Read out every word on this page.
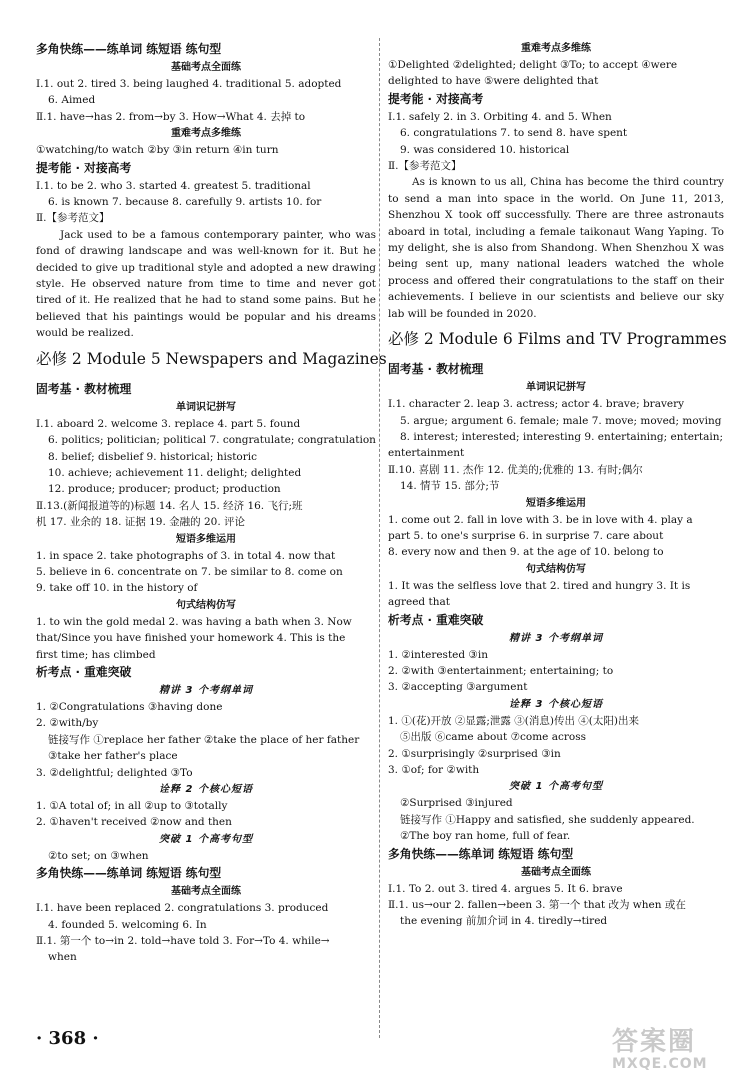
多角快练——练单词 练短语 练句型
基础考点全面练

Ⅰ.1. out 2. tired 3. being laughed 4. traditional 5. adopted

6. Aimed

Ⅱ.1. have→has 2. from→by 3. How→What 4. 去掉 to

重难考点多维练

①watching/to watch ②by ③in return ④in turn

提考能 · 对接高考

Ⅰ.1. to be 2. who 3. started 4. greatest 5. traditional

6. is known 7. because 8. carefully 9. artists 10. for

Ⅱ.【参考范文】

Jack used to be a famous contemporary painter, who was fond of drawing landscape and was well-known for it. But he decided to give up traditional style and adopted a new drawing style. He observed nature from time to time and never got tired of it. He realized that he had to stand some pains. But he believed that his paintings would be popular and his dreams would be realized.

必修 2 Module 5 Newspapers and Magazines
固考基 · 教材梳理
单词识记拼写

Ⅰ.1. aboard 2. welcome 3. replace 4. part 5. found

6. politics; politician; political 7. congratulate; congratulation

8. belief; disbelief 9. historical; historic

10. achieve; achievement 11. delight; delighted

12. produce; producer; product; production

Ⅱ.13.(新闻报道等的)标题 14. 名人 15. 经济 16. 飞行;班

机 17. 业余的 18. 证据 19. 金融的 20. 评论

短语多维运用

1. in space 2. take photographs of 3. in total 4. now that

5. believe in 6. concentrate on 7. be similar to 8. come on

9. take off 10. in the history of

句式结构仿写

1. to win the gold medal 2. was having a bath when 3. Now

that/Since you have finished your homework 4. This is the

first time; has climbed

析考点 · 重难突破
精讲 3 个考纲单词

1. ②Congratulations ③having done

2. ②with/by

链接写作 ①replace her father ②take the place of her father

③take her father's place

3. ②delightful; delighted ③To

诠释 2 个核心短语

1. ①A total of; in all ②up to ③totally

2. ①haven't received ②now and then

突破 1 个高考句型

②to set; on ③when

多角快练——练单词 练短语 练句型
基础考点全面练

Ⅰ.1. have been replaced 2. congratulations 3. produced

4. founded 5. welcoming 6. In

Ⅱ.1. 第一个 to→in 2. told→have told 3. For→To 4. while→

when

重难考点多维练

①Delighted ②delighted; delight ③To; to accept ④were

delighted to have ⑤were delighted that

提考能 · 对接高考

Ⅰ.1. safely 2. in 3. Orbiting 4. and 5. When

6. congratulations 7. to send 8. have spent

9. was considered 10. historical

Ⅱ.【参考范文】

As is known to us all, China has become the third country to send a man into space in the world. On June 11, 2013, Shenzhou Ⅹ took off successfully. There are three astronauts aboard in total, including a female taikonaut Wang Yaping. To my delight, she is also from Shandong. When Shenzhou Ⅹ was being sent up, many national leaders watched the whole process and offered their congratulations to the staff on their achievements. I believe in our scientists and believe our sky lab will be founded in 2020.

必修 2 Module 6 Films and TV Programmes
固考基 · 教材梳理
单词识记拼写

Ⅰ.1. character 2. leap 3. actress; actor 4. brave; bravery

5. argue; argument 6. female; male 7. move; moved; moving

8. interest; interested; interesting 9. entertaining; entertain;

entertainment

Ⅱ.10. 喜剧 11. 杰作 12. 优美的;优雅的 13. 有时;偶尔

14. 情节 15. 部分;节

短语多维运用

1. come out 2. fall in love with 3. be in love with 4. play a

part 5. to one's surprise 6. in surprise 7. care about

8. every now and then 9. at the age of 10. belong to

句式结构仿写

1. It was the selfless love that 2. tired and hungry 3. It is

agreed that

析考点 · 重难突破
精讲 3 个考纲单词

1. ②interested ③in

2. ②with ③entertainment; entertaining; to

3. ②accepting ③argument

诠释 3 个核心短语

1. ①(花)开放 ②显露;泄露 ③(消息)传出 ④(太阳)出来

⑤出版 ⑥came about ⑦come across

2. ①surprisingly ②surprised ③in

3. ①of; for ②with

突破 1 个高考句型

②Surprised ③injured

链接写作 ①Happy and satisfied, she suddenly appeared.

②The boy ran home, full of fear.

多角快练——练单词 练短语 练句型
基础考点全面练

Ⅰ.1. To 2. out 3. tired 4. argues 5. It 6. brave

Ⅱ.1. us→our 2. fallen→been 3. 第一个 that 改为 when 或在

the evening 前加介词 in 4. tiredly→tired

· 368 ·	答案圈
MXQE.COM
